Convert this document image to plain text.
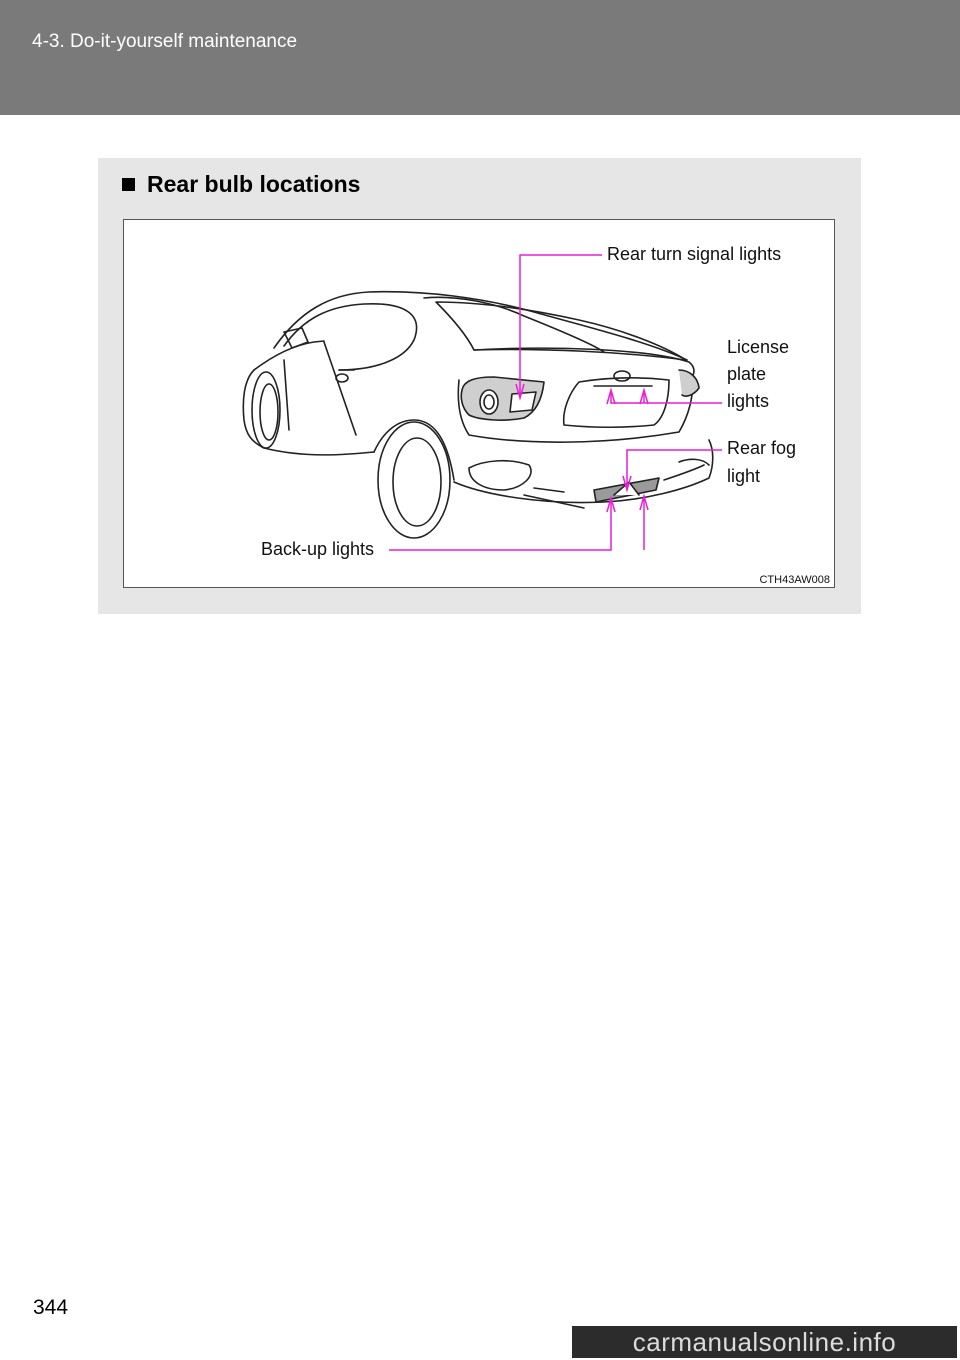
4-3. Do-it-yourself maintenance
Rear bulb locations
Rear turn signal lights
License
plate
lights
Rear fog
light
Back-up lights
CTH43AW008
344
carmanualsonline.info
